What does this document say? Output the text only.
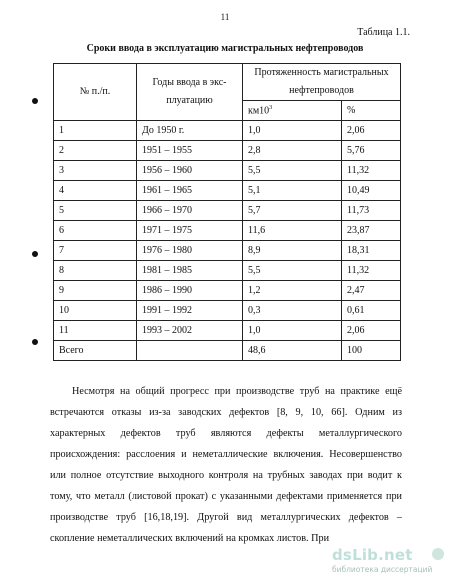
11
Таблица 1.1.
Сроки ввода в эксплуатацию магистральных нефтепроводов
№ п./п.	Годы ввода в экс-плуатацию	Протяженность магистральных нефтепроводов	
		$км10^3$	%
1	До 1950 г.	1,0	2,06
2	1951 – 1955	2,8	5,76
3	1956 – 1960	5,5	11,32
4	1961 – 1965	5,1	10,49
5	1966 – 1970	5,7	11,73
6	1971 – 1975	11,6	23,87
7	1976 – 1980	8,9	18,31
8	1981 – 1985	5,5	11,32
9	1986 – 1990	1,2	2,47
10	1991 – 1992	0,3	0,61
11	1993 – 2002	1,0	2,06
Всего		48,6	100

Несмотря на общий прогресс при производстве труб на практике ещё встречаются отказы из-за заводских дефектов [8, 9, 10, 66]. Одним из характерных дефектов труб являются дефекты металлургического происхождения: расслоения и неметаллические включения. Несовершенство или полное отсутствие выходного контроля на трубных заводах при водит к тому, что металл (листовой прокат) с указанными дефектами применяется при производстве труб [16,18,19]. Другой вид металлургических дефектов – скопление неметаллических включений на кромках листов. При

dsLib.net
библиотека диссертаций
